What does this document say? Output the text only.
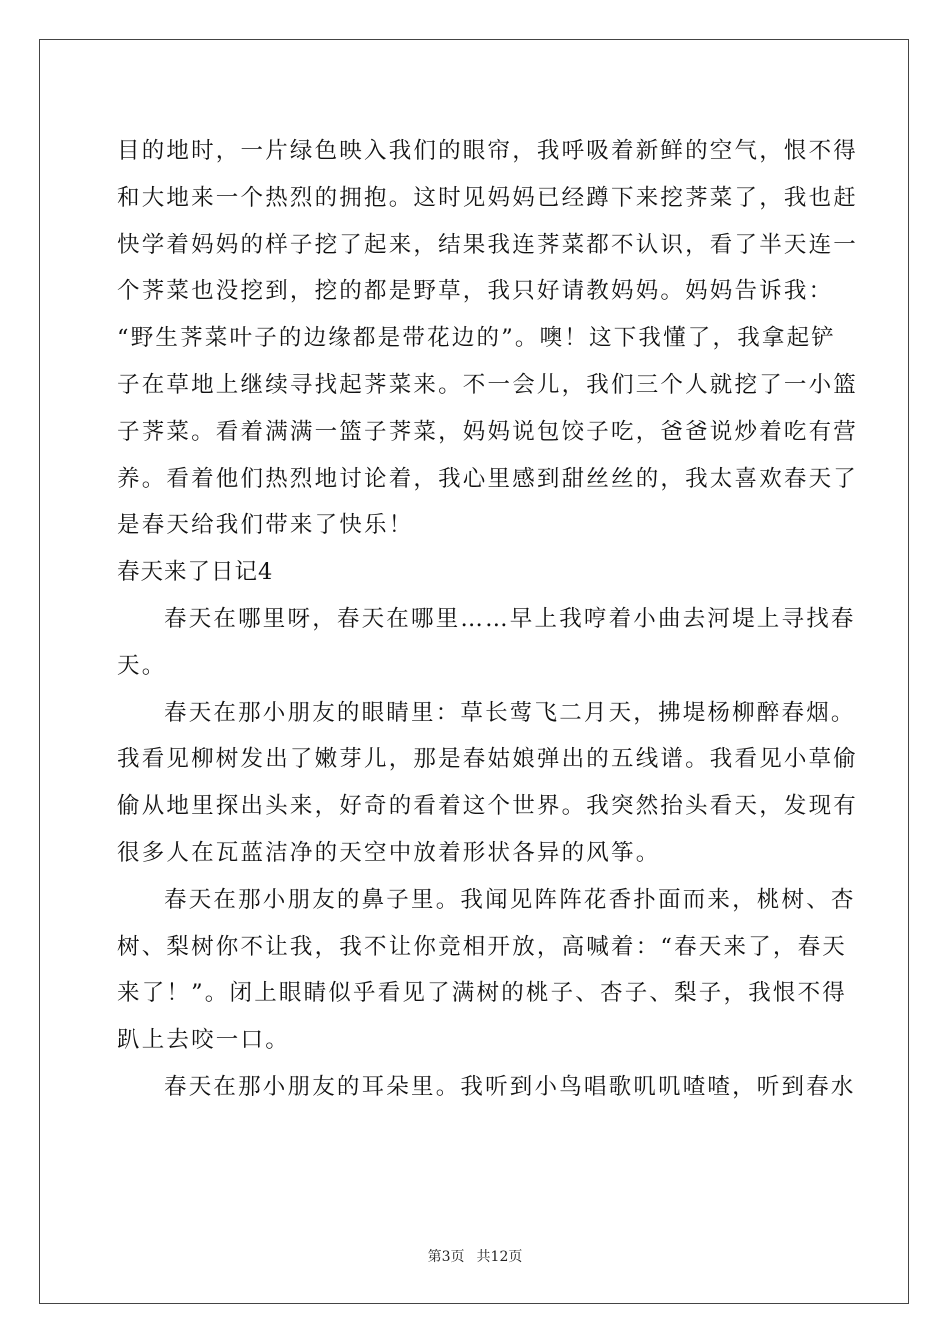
目的地时，一片绿色映入我们的眼帘，我呼吸着新鲜的空气，恨不得
和大地来一个热烈的拥抱。这时见妈妈已经蹲下来挖荠菜了，我也赶
快学着妈妈的样子挖了起来，结果我连荠菜都不认识，看了半天连一
个荠菜也没挖到，挖的都是野草，我只好请教妈妈。妈妈告诉我：
“野生荠菜叶子的边缘都是带花边的”。噢！这下我懂了，我拿起铲
子在草地上继续寻找起荠菜来。不一会儿，我们三个人就挖了一小篮
子荠菜。看着满满一篮子荠菜，妈妈说包饺子吃，爸爸说炒着吃有营
养。看着他们热烈地讨论着，我心里感到甜丝丝的，我太喜欢春天了
是春天给我们带来了快乐！
春天来了日记4
春天在哪里呀，春天在哪里……早上我哼着小曲去河堤上寻找春
天。
春天在那小朋友的眼睛里：草长莺飞二月天，拂堤杨柳醉春烟。
我看见柳树发出了嫩芽儿，那是春姑娘弹出的五线谱。我看见小草偷
偷从地里探出头来，好奇的看着这个世界。我突然抬头看天，发现有
很多人在瓦蓝洁净的天空中放着形状各异的风筝。
春天在那小朋友的鼻子里。我闻见阵阵花香扑面而来，桃树、杏
树、梨树你不让我，我不让你竞相开放，高喊着：“春天来了，春天
来了！”。闭上眼睛似乎看见了满树的桃子、杏子、梨子，我恨不得
趴上去咬一口。
春天在那小朋友的耳朵里。我听到小鸟唱歌叽叽喳喳，听到春水
第3页 共12页
